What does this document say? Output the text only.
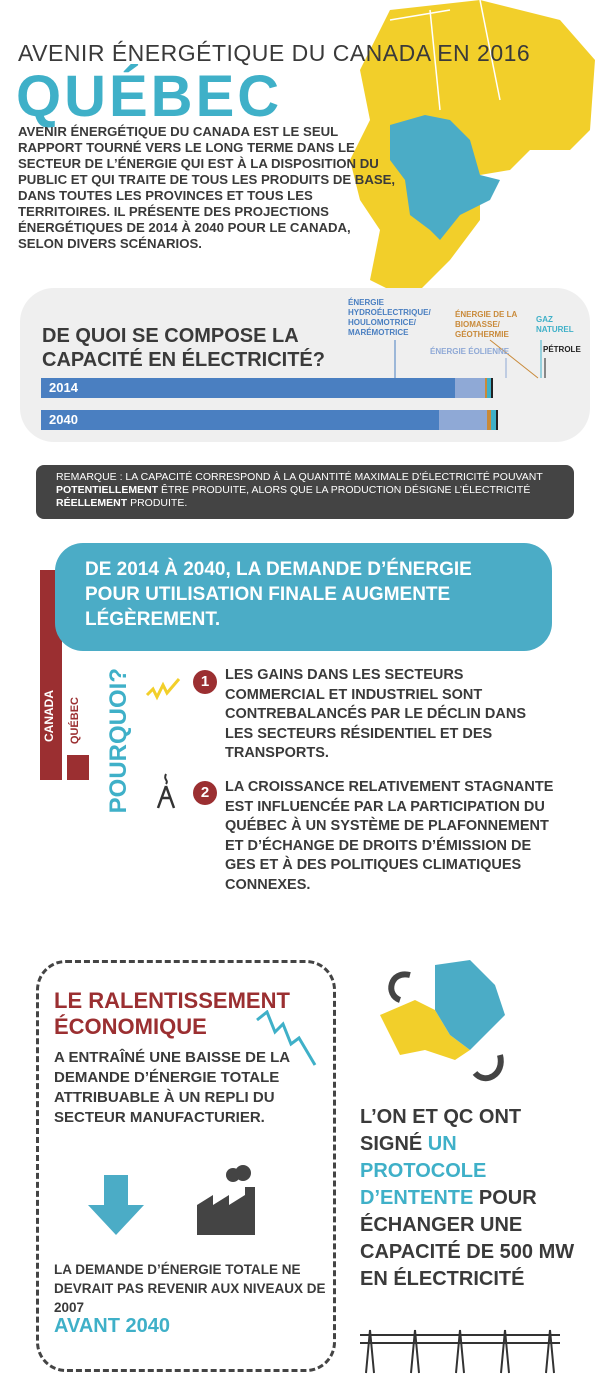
AVENIR ÉNERGÉTIQUE DU CANADA EN 2016
QUÉBEC
AVENIR ÉNERGÉTIQUE DU CANADA EST LE SEUL RAPPORT TOURNÉ VERS LE LONG TERME DANS LE SECTEUR DE L’ÉNERGIE QUI EST À LA DISPOSITION DU PUBLIC ET QUI TRAITE DE TOUS LES PRODUITS DE BASE, DANS TOUTES LES PROVINCES ET TOUS LES TERRITOIRES. IL PRÉSENTE DES PROJECTIONS ÉNERGÉTIQUES DE 2014 À 2040 POUR LE CANADA, SELON DIVERS SCÉNARIOS.
DE QUOI SE COMPOSE LA CAPACITÉ EN ÉLECTRICITÉ?
ÉNERGIE HYDROÉLECTRIQUE/ HOULOMOTRICE/ MARÉMOTRICE
ÉNERGIE ÉOLIENNE
ÉNERGIE DE LA BIOMASSE/ GÉOTHERMIE
GAZ NATUREL
PÉTROLE
2014
2040
REMARQUE : LA CAPACITÉ CORRESPOND À LA QUANTITÉ MAXIMALE D’ÉLECTRICITÉ POUVANT POTENTIELLEMENT ÊTRE PRODUITE, ALORS QUE LA PRODUCTION DÉSIGNE L’ÉLECTRICITÉ RÉELLEMENT PRODUITE.
CANADA QUÉBEC
DE 2014 À 2040, LA DEMANDE D’ÉNERGIE POUR UTILISATION FINALE AUGMENTE LÉGÈREMENT.
POURQUOI?	1	LES GAINS DANS LES SECTEURS COMMERCIAL ET INDUSTRIEL SONT CONTREBALANCÉS PAR LE DÉCLIN DANS LES SECTEURS RÉSIDENTIEL ET DES TRANSPORTS.
2	LA CROISSANCE RELATIVEMENT STAGNANTE EST INFLUENCÉE PAR LA PARTICIPATION DU QUÉBEC À UN SYSTÈME DE PLAFONNEMENT ET D’ÉCHANGE DE DROITS D’ÉMISSION DE GES ET À DES POLITIQUES CLIMATIQUES CONNEXES.
LE RALENTISSEMENT ÉCONOMIQUE
A ENTRAÎNÉ UNE BAISSE DE LA DEMANDE D’ÉNERGIE TOTALE ATTRIBUABLE À UN REPLI DU SECTEUR MANUFACTURIER.
LA DEMANDE D’ÉNERGIE TOTALE NE DEVRAIT PAS REVENIR AUX NIVEAUX DE 2007
AVANT 2040
L’ON ET QC ONT SIGNÉ UN PROTOCOLE D’ENTENTE POUR ÉCHANGER UNE CAPACITÉ DE 500 MW EN ÉLECTRICITÉ
